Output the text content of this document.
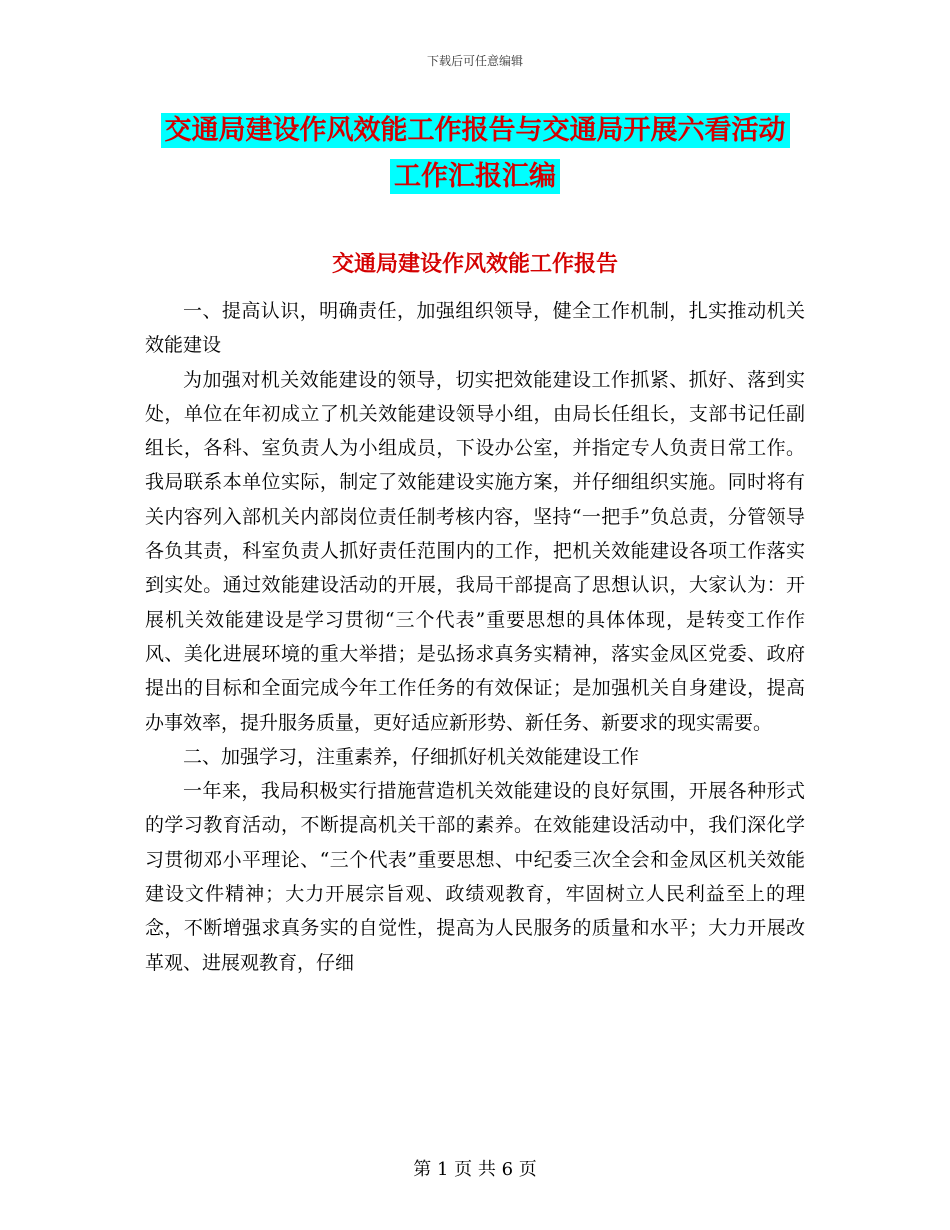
下载后可任意编辑
交通局建设作风效能工作报告与交通局开展六看活动
工作汇报汇编
交通局建设作风效能工作报告

一、提高认识，明确责任，加强组织领导，健全工作机制，扎实推动机关效能建设

为加强对机关效能建设的领导，切实把效能建设工作抓紧、抓好、落到实处，单位在年初成立了机关效能建设领导小组，由局长任组长，支部书记任副组长，各科、室负责人为小组成员，下设办公室，并指定专人负责日常工作。我局联系本单位实际，制定了效能建设实施方案，并仔细组织实施。同时将有关内容列入部机关内部岗位责任制考核内容，坚持“一把手”负总责，分管领导各负其责，科室负责人抓好责任范围内的工作，把机关效能建设各项工作落实到实处。通过效能建设活动的开展，我局干部提高了思想认识，大家认为：开展机关效能建设是学习贯彻“三个代表”重要思想的具体体现，是转变工作作风、美化进展环境的重大举措；是弘扬求真务实精神，落实金凤区党委、政府提出的目标和全面完成今年工作任务的有效保证；是加强机关自身建设，提高办事效率，提升服务质量，更好适应新形势、新任务、新要求的现实需要。

二、加强学习，注重素养，仔细抓好机关效能建设工作

一年来，我局积极实行措施营造机关效能建设的良好氛围，开展各种形式的学习教育活动，不断提高机关干部的素养。在效能建设活动中，我们深化学习贯彻邓小平理论、“三个代表”重要思想、中纪委三次全会和金凤区机关效能建设文件精神；大力开展宗旨观、政绩观教育，牢固树立人民利益至上的理念，不断增强求真务实的自觉性，提高为人民服务的质量和水平；大力开展改革观、进展观教育，仔细

第 1 页 共 6 页
